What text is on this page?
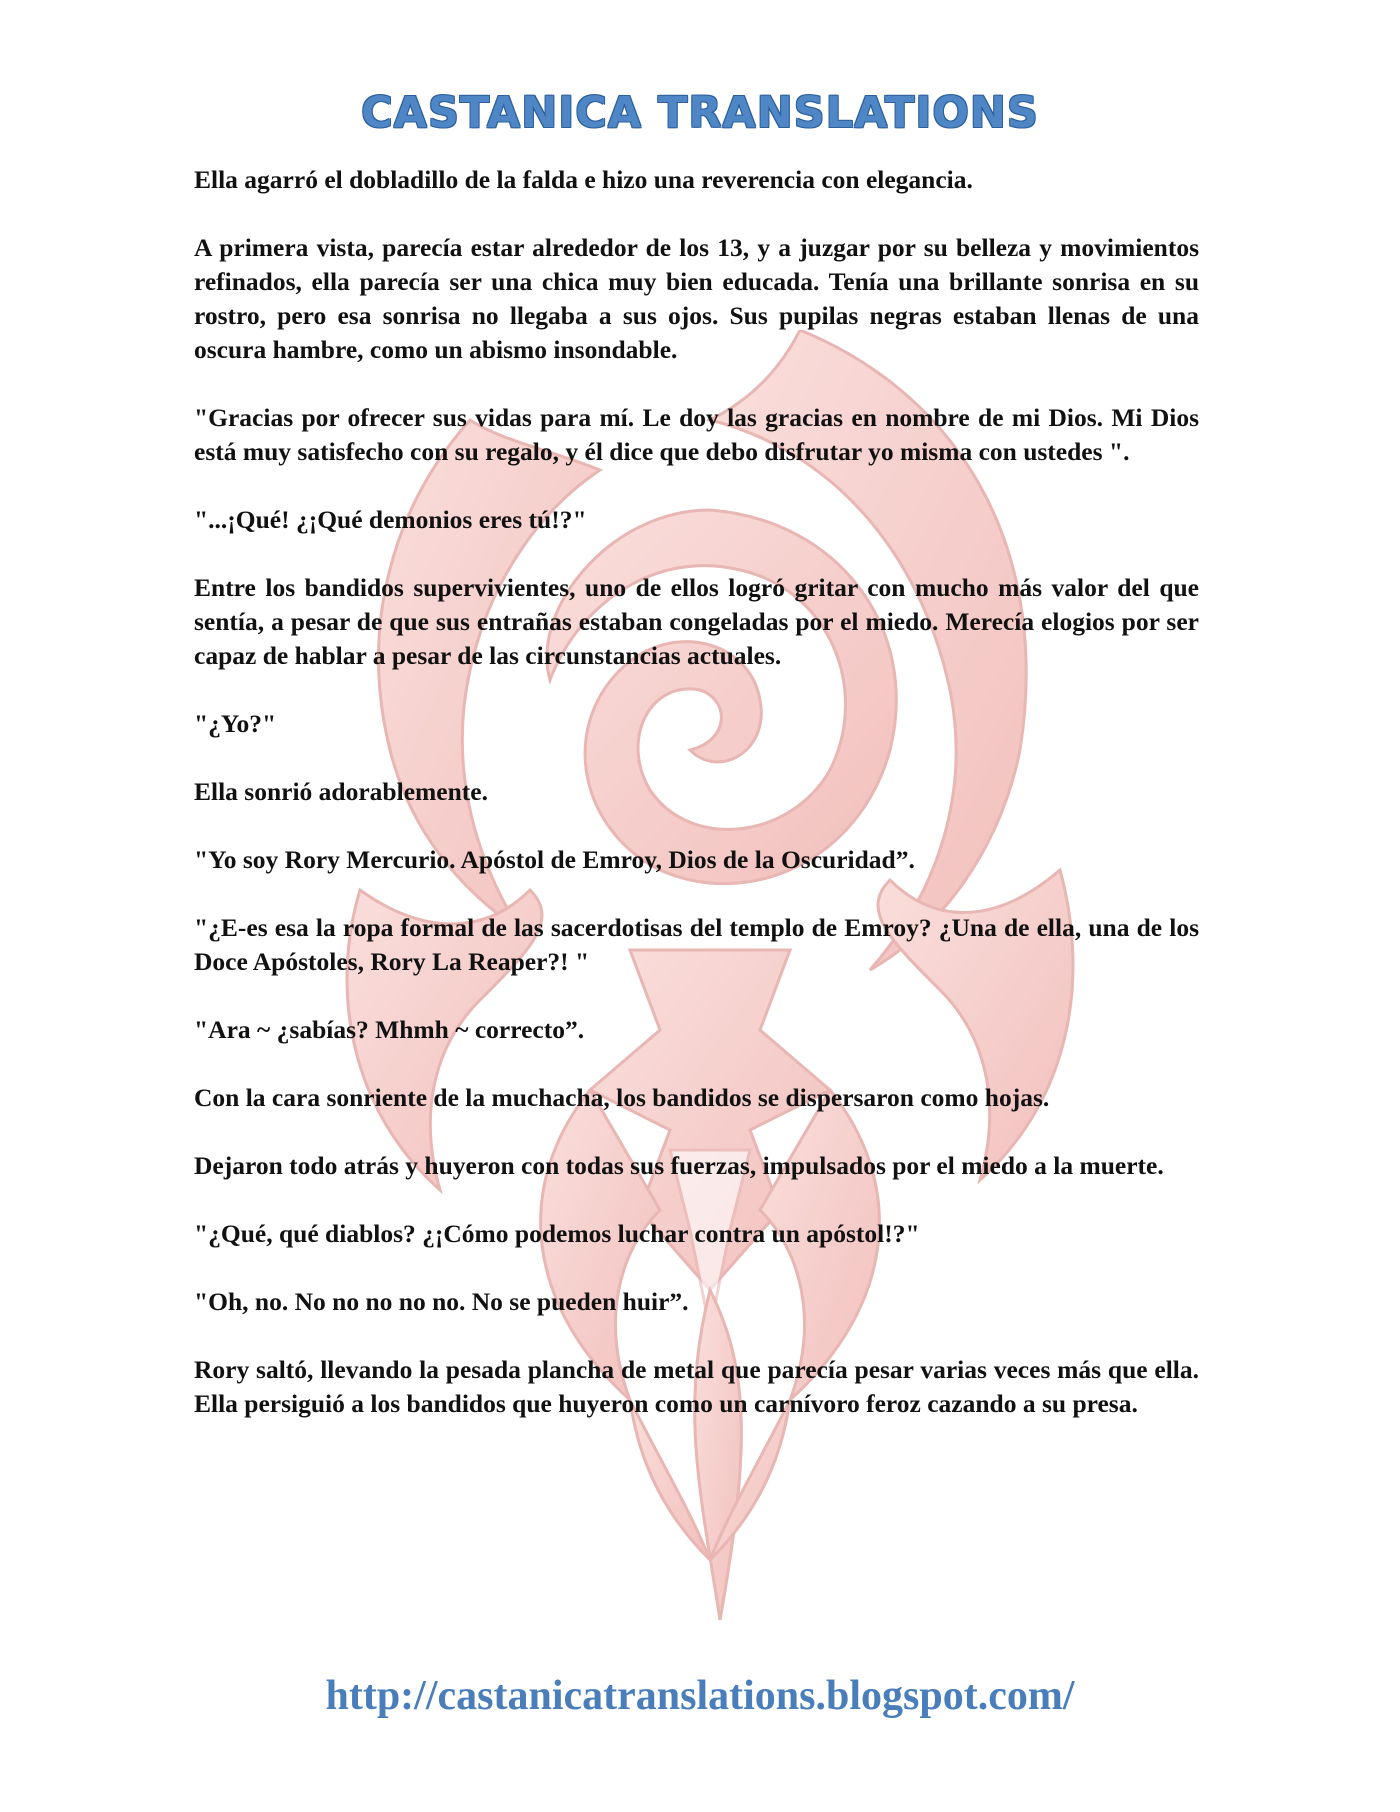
CASTANICA TRANSLATIONS

Ella agarró el dobladillo de la falda e hizo una reverencia con elegancia.

A primera vista, parecía estar alrededor de los 13, y a juzgar por su belleza y movimientos refinados, ella parecía ser una chica muy bien educada. Tenía una brillante sonrisa en su rostro, pero esa sonrisa no llegaba a sus ojos. Sus pupilas negras estaban llenas de una oscura hambre, como un abismo insondable.

"Gracias por ofrecer sus vidas para mí. Le doy las gracias en nombre de mi Dios. Mi Dios está muy satisfecho con su regalo, y él dice que debo disfrutar yo misma con ustedes ".

"...¡Qué! ¿¡Qué demonios eres tú!?"

Entre los bandidos supervivientes, uno de ellos logró gritar con mucho más valor del que sentía, a pesar de que sus entrañas estaban congeladas por el miedo. Merecía elogios por ser capaz de hablar a pesar de las circunstancias actuales.

"¿Yo?"

Ella sonrió adorablemente.

"Yo soy Rory Mercurio. Apóstol de Emroy, Dios de la Oscuridad”.

"¿E-es esa la ropa formal de las sacerdotisas del templo de Emroy? ¿Una de ella, una de los Doce Apóstoles, Rory La Reaper?! "

"Ara ~ ¿sabías? Mhmh ~ correcto”.

Con la cara sonriente de la muchacha, los bandidos se dispersaron como hojas.

Dejaron todo atrás y huyeron con todas sus fuerzas, impulsados por el miedo a la muerte.

"¿Qué, qué diablos? ¿¡Cómo podemos luchar contra un apóstol!?"

"Oh, no. No no no no no. No se pueden huir”.

Rory saltó, llevando la pesada plancha de metal que parecía pesar varias veces más que ella. Ella persiguió a los bandidos que huyeron como un carnívoro feroz cazando a su presa.

http://castanicatranslations.blogspot.com/
